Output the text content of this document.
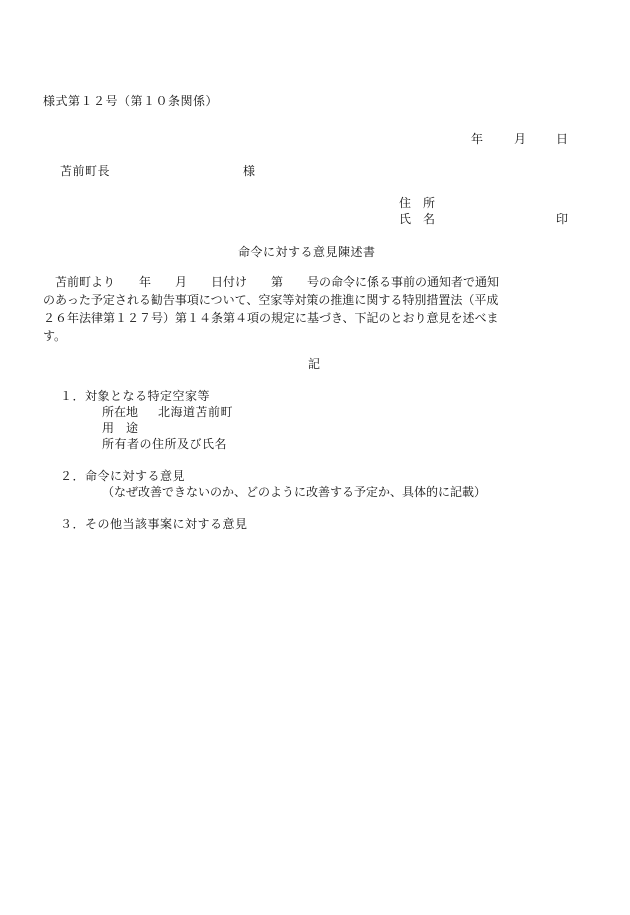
様式第１２号（第１０条関係）
年	月 日
苫前町長	様
住　所
氏　名	印
命令に対する意見陳述書
　苫前町より　　年　　月　　日付け　　第　　号の命令に係る事前の通知者で通知
のあった予定される勧告事項について、空家等対策の推進に関する特別措置法（平成
２６年法律第１２７号）第１４条第４項の規定に基づき、下記のとおり意見を述べま
す。
記
１．対象となる特定空家等
所在地 北海道苫前町
用　途
所有者の住所及び氏名
２．命令に対する意見
（なぜ改善できないのか、どのように改善する予定か、具体的に記載）
３．その他当該事案に対する意見
